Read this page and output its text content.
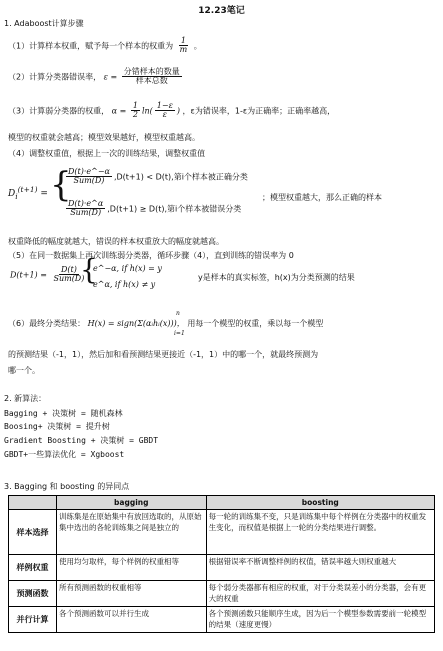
12.23笔记
1. Adaboost计算步骤
（1）计算样本权重，赋予每一个样本的权重为 $\frac{1}{m}$ 。
（2）计算分类器错误率， $\varepsilon = \frac{\text{分错样本的数量}}{\text{样本总数}}$
（3）计算弱分类器的权重， $\alpha = \frac{1}{2} \ln( \frac{1-\varepsilon}{\varepsilon}$ ) ，ε为错误率，1-ε为正确率；正确率越高，
模型的权重就会越高；模型效果越好，模型权重越高。
（4）调整权重值，根据上一次的训练结果，调整权重值
$D_i^{(t+1)}$ = {
$\frac{D(t)\cdot e\^{}-\alpha}{\text{Sum(D)}} ,D(t+1) < D(t)$,第i个样本被正确分类
$\frac{D(t)\cdot e\^{}\alpha}{\text{Sum(D)}} ,D(t+1) \ge D(t)$,第i个样本被错误分类
；模型权重越大，那么正确的样本
权重降低的幅度就越大，错误的样本权重放大的幅度就越高。
（5）在同一数据集上再次训练弱分类器，循环步骤（4），直到训练的错误率为 0
$D(t+1) = \frac{D(t)}{\text{Sum(D)}}$
{
e^−α, if h(x) = y
e^α, if h(x) ≠ y
y是样本的真实标签，h(x)为分类预测的结果
（6）最终分类结果： H(x) = sign(Σ(αᵢhᵢ(x)))， 用每一个模型的权重，乘以每一个模型
n
i=1
的预测结果（-1，1），然后加和看预测结果更接近（-1，1）中的哪一个，就最终预测为
哪一个。
2. 新算法：
Bagging + 决策树 = 随机森林
Boosing+ 决策树 = 提升树
Gradient Boosting + 决策树 = GBDT
GBDT+一些算法优化 = Xgboost
3. Bagging 和 boosting 的异同点
	bagging	boosting
样本选择	训练集是在原始集中有放回选取的，从原始集中选出的各轮训练集之间是独立的	每一轮的训练集不变，只是训练集中每个样例在分类器中的权重发生变化，而权值是根据上一轮的分类结果进行调整。
样例权重	使用均匀取样，每个样例的权重相等	根据错误率不断调整样例的权值，错误率越大则权重越大
预测函数	所有预测函数的权重相等	每个弱分类器都有相应的权重，对于分类误差小的分类器，会有更大的权重
并行计算	各个预测函数可以并行生成	各个预测函数只能顺序生成，因为后一个模型参数需要前一轮模型的结果（速度更慢）
